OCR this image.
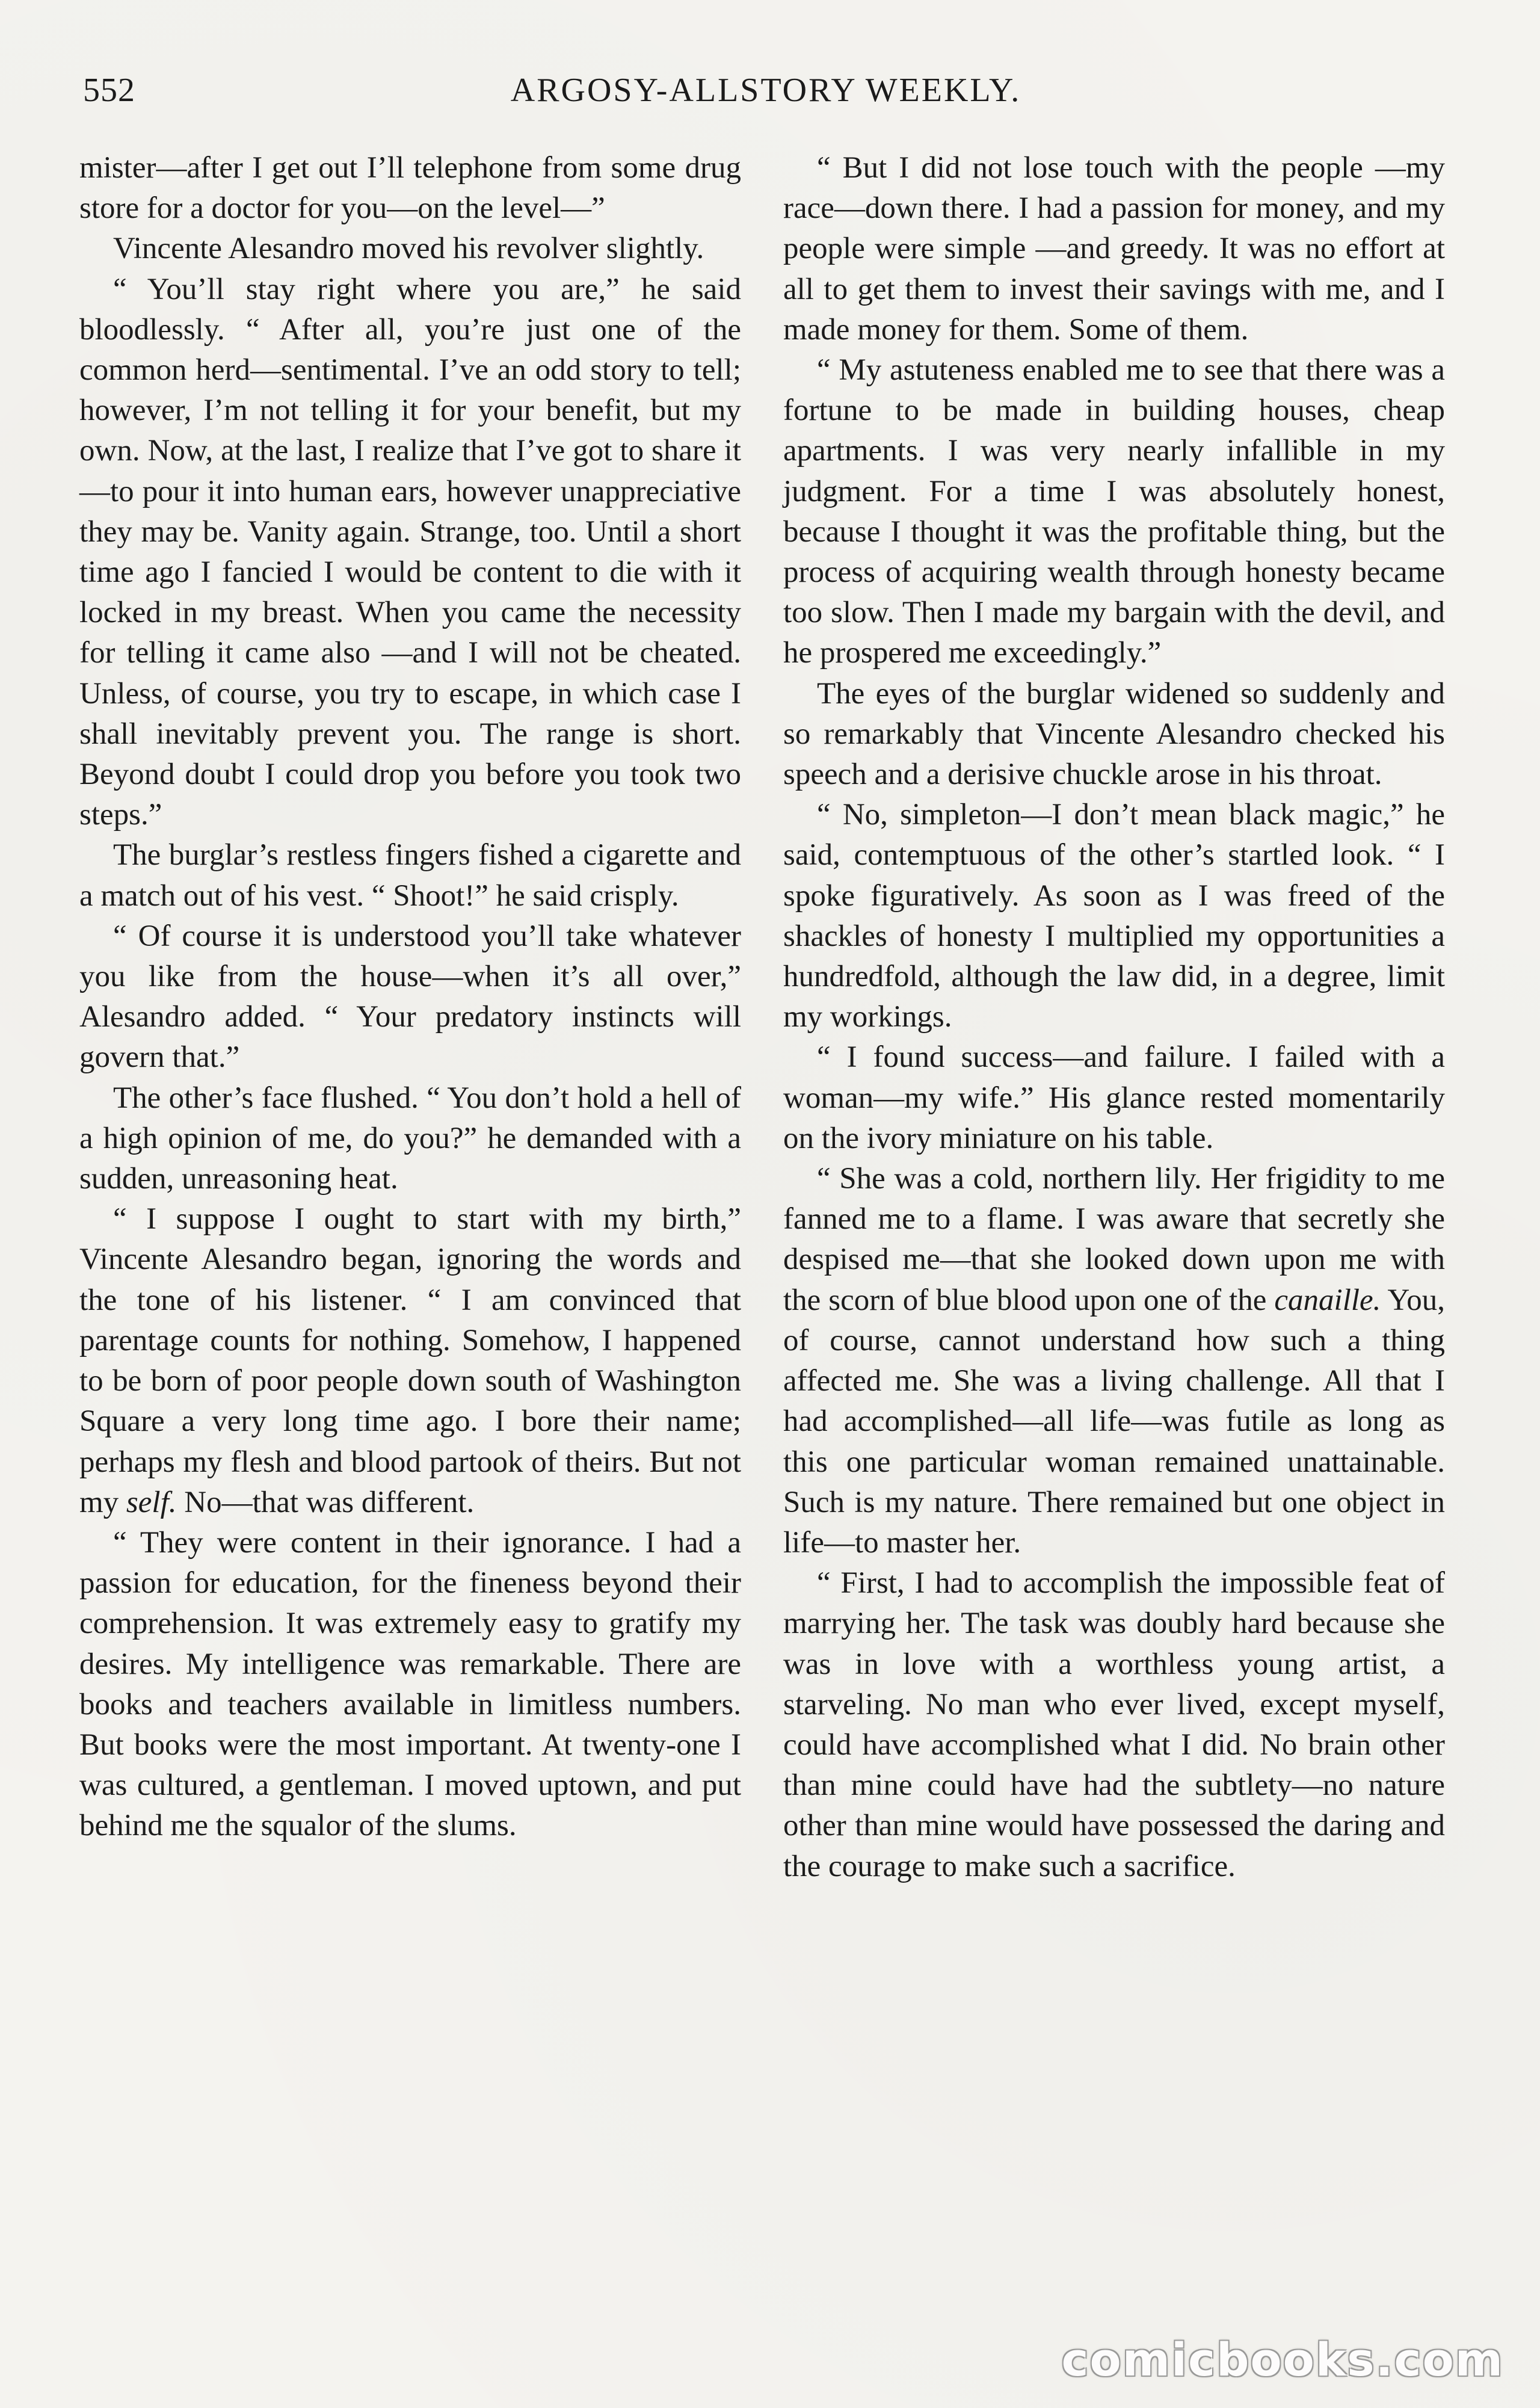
552	ARGOSY-ALLSTORY WEEKLY.

mister—after I get out I’ll telephone from some drug store for a doctor for you—on the level—”

Vincente Alesandro moved his revolver slightly.

“ You’ll stay right where you are,” he said bloodlessly. “ After all, you’re just one of the common herd—sentimental. I’ve an odd story to tell; however, I’m not telling it for your benefit, but my own. Now, at the last, I realize that I’ve got to share it—to pour it into human ears, however unappreciative they may be. Vanity again. Strange, too. Until a short time ago I fancied I would be content to die with it locked in my breast. When you came the necessity for telling it came also —and I will not be cheated. Unless, of course, you try to escape, in which case I shall inevitably prevent you. The range is short. Beyond doubt I could drop you before you took two steps.”

The burglar’s restless fingers fished a cigarette and a match out of his vest. “ Shoot!” he said crisply.

“ Of course it is understood you’ll take whatever you like from the house—when it’s all over,” Alesandro added. “ Your predatory instincts will govern that.”

The other’s face flushed. “ You don’t hold a hell of a high opinion of me, do you?” he demanded with a sudden, unreasoning heat.

“ I suppose I ought to start with my birth,” Vincente Alesandro began, ignoring the words and the tone of his listener. “ I am convinced that parentage counts for nothing. Somehow, I happened to be born of poor people down south of Washington Square a very long time ago. I bore their name; perhaps my flesh and blood partook of theirs. But not my self. No—that was different.

“ They were content in their ignorance. I had a passion for education, for the fineness beyond their comprehension. It was extremely easy to gratify my desires. My intelligence was remarkable. There are books and teachers available in limitless numbers. But books were the most important. At twenty-one I was cultured, a gentleman. I moved uptown, and put behind me the squalor of the slums.

“ But I did not lose touch with the people —my race—down there. I had a passion for money, and my people were simple —and greedy. It was no effort at all to get them to invest their savings with me, and I made money for them. Some of them.

“ My astuteness enabled me to see that there was a fortune to be made in building houses, cheap apartments. I was very nearly infallible in my judgment. For a time I was absolutely honest, because I thought it was the profitable thing, but the process of acquiring wealth through honesty became too slow. Then I made my bargain with the devil, and he prospered me exceedingly.”

The eyes of the burglar widened so suddenly and so remarkably that Vincente Alesandro checked his speech and a derisive chuckle arose in his throat.

“ No, simpleton—I don’t mean black magic,” he said, contemptuous of the other’s startled look. “ I spoke figuratively. As soon as I was freed of the shackles of honesty I multiplied my opportunities a hundredfold, although the law did, in a degree, limit my workings.

“ I found success—and failure. I failed with a woman—my wife.” His glance rested momentarily on the ivory miniature on his table.

“ She was a cold, northern lily. Her frigidity to me fanned me to a flame. I was aware that secretly she despised me—that she looked down upon me with the scorn of blue blood upon one of the canaille. You, of course, cannot understand how such a thing affected me. She was a living challenge. All that I had accomplished—all life—was futile as long as this one particular woman remained unattainable. Such is my nature. There remained but one object in life—to master her.

“ First, I had to accomplish the impossible feat of marrying her. The task was doubly hard because she was in love with a worthless young artist, a starveling. No man who ever lived, except myself, could have accomplished what I did. No brain other than mine could have had the subtlety—no nature other than mine would have possessed the daring and the courage to make such a sacrifice.

comicbooks.com
